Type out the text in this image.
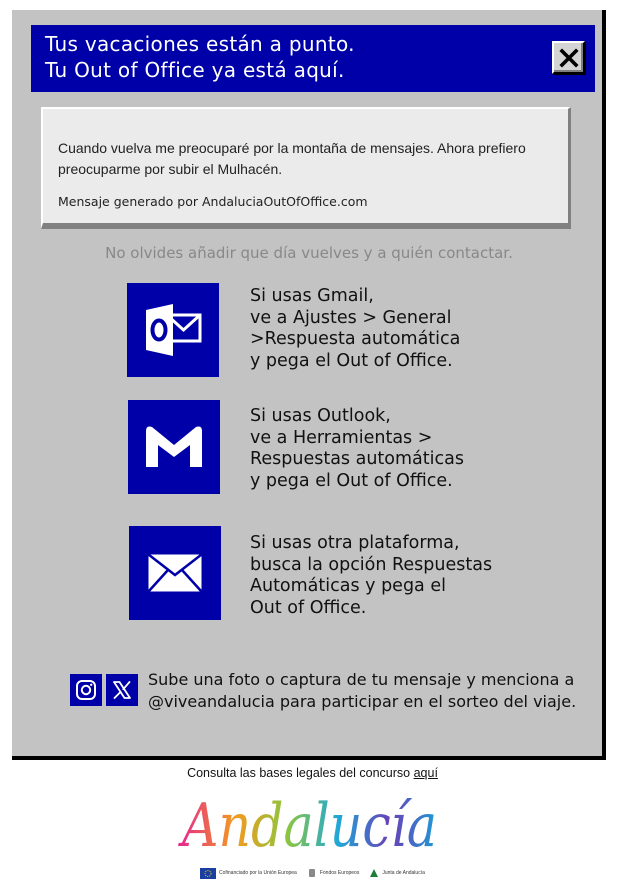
Tus vacaciones están a punto.
Tu Out of Office ya está aquí.
Cuando vuelva me preocuparé por la montaña de mensajes. Ahora prefiero preocuparme por subir el Mulhacén.
Mensaje generado por AndaluciaOutOfOffice.com
No olvides añadir que día vuelves y a quién contactar.
Si usas Gmail,
ve a Ajustes > General
>Respuesta automática
y pega el Out of Office.
Si usas Outlook,
ve a Herramientas >
Respuestas automáticas
y pega el Out of Office.
Si usas otra plataforma,
busca la opción Respuestas
Automáticas y pega el
Out of Office.
Sube una foto o captura de tu mensaje y menciona a
@viveandalucia para participar en el sorteo del viaje.
Consulta las bases legales del concurso aquí
Andalucía
Cofinanciado por la Unión Europea	Fondos Europeos	Junta de Andalucía
